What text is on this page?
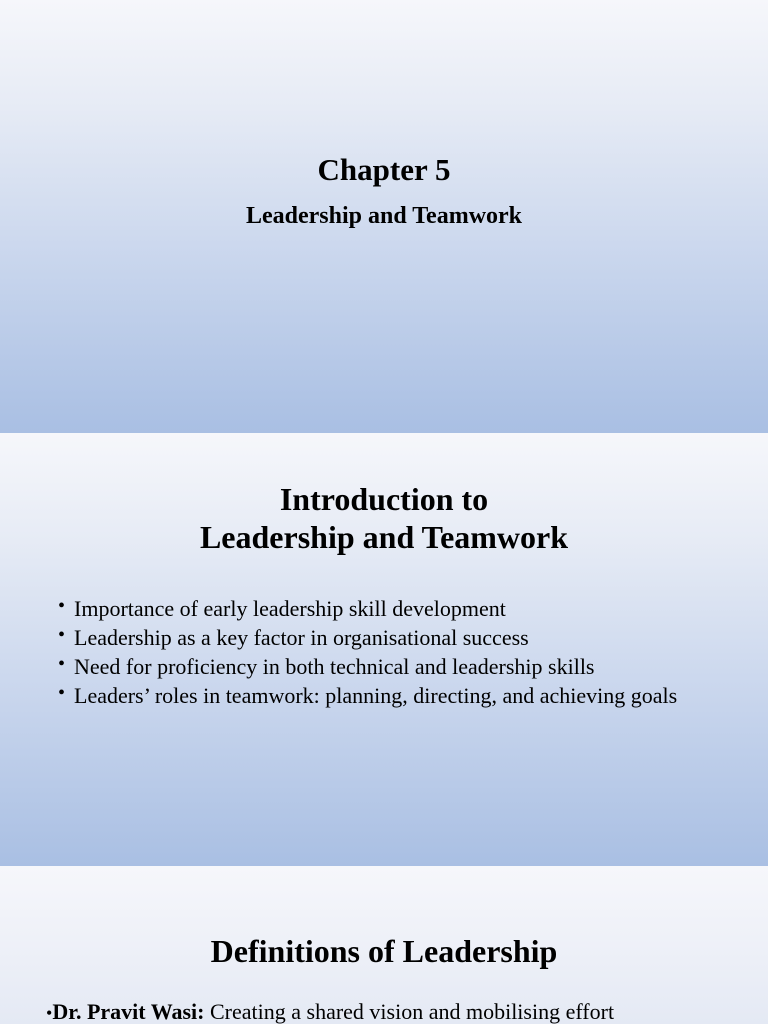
Chapter 5
Leadership and Teamwork
Introduction to
Leadership and Teamwork
• Importance of early leadership skill development
• Leadership as a key factor in organisational success
• Need for proficiency in both technical and leadership skills
• Leaders’ roles in teamwork: planning, directing, and achieving goals
Definitions of Leadership
•Dr. Pravit Wasi: Creating a shared vision and mobilising effort
